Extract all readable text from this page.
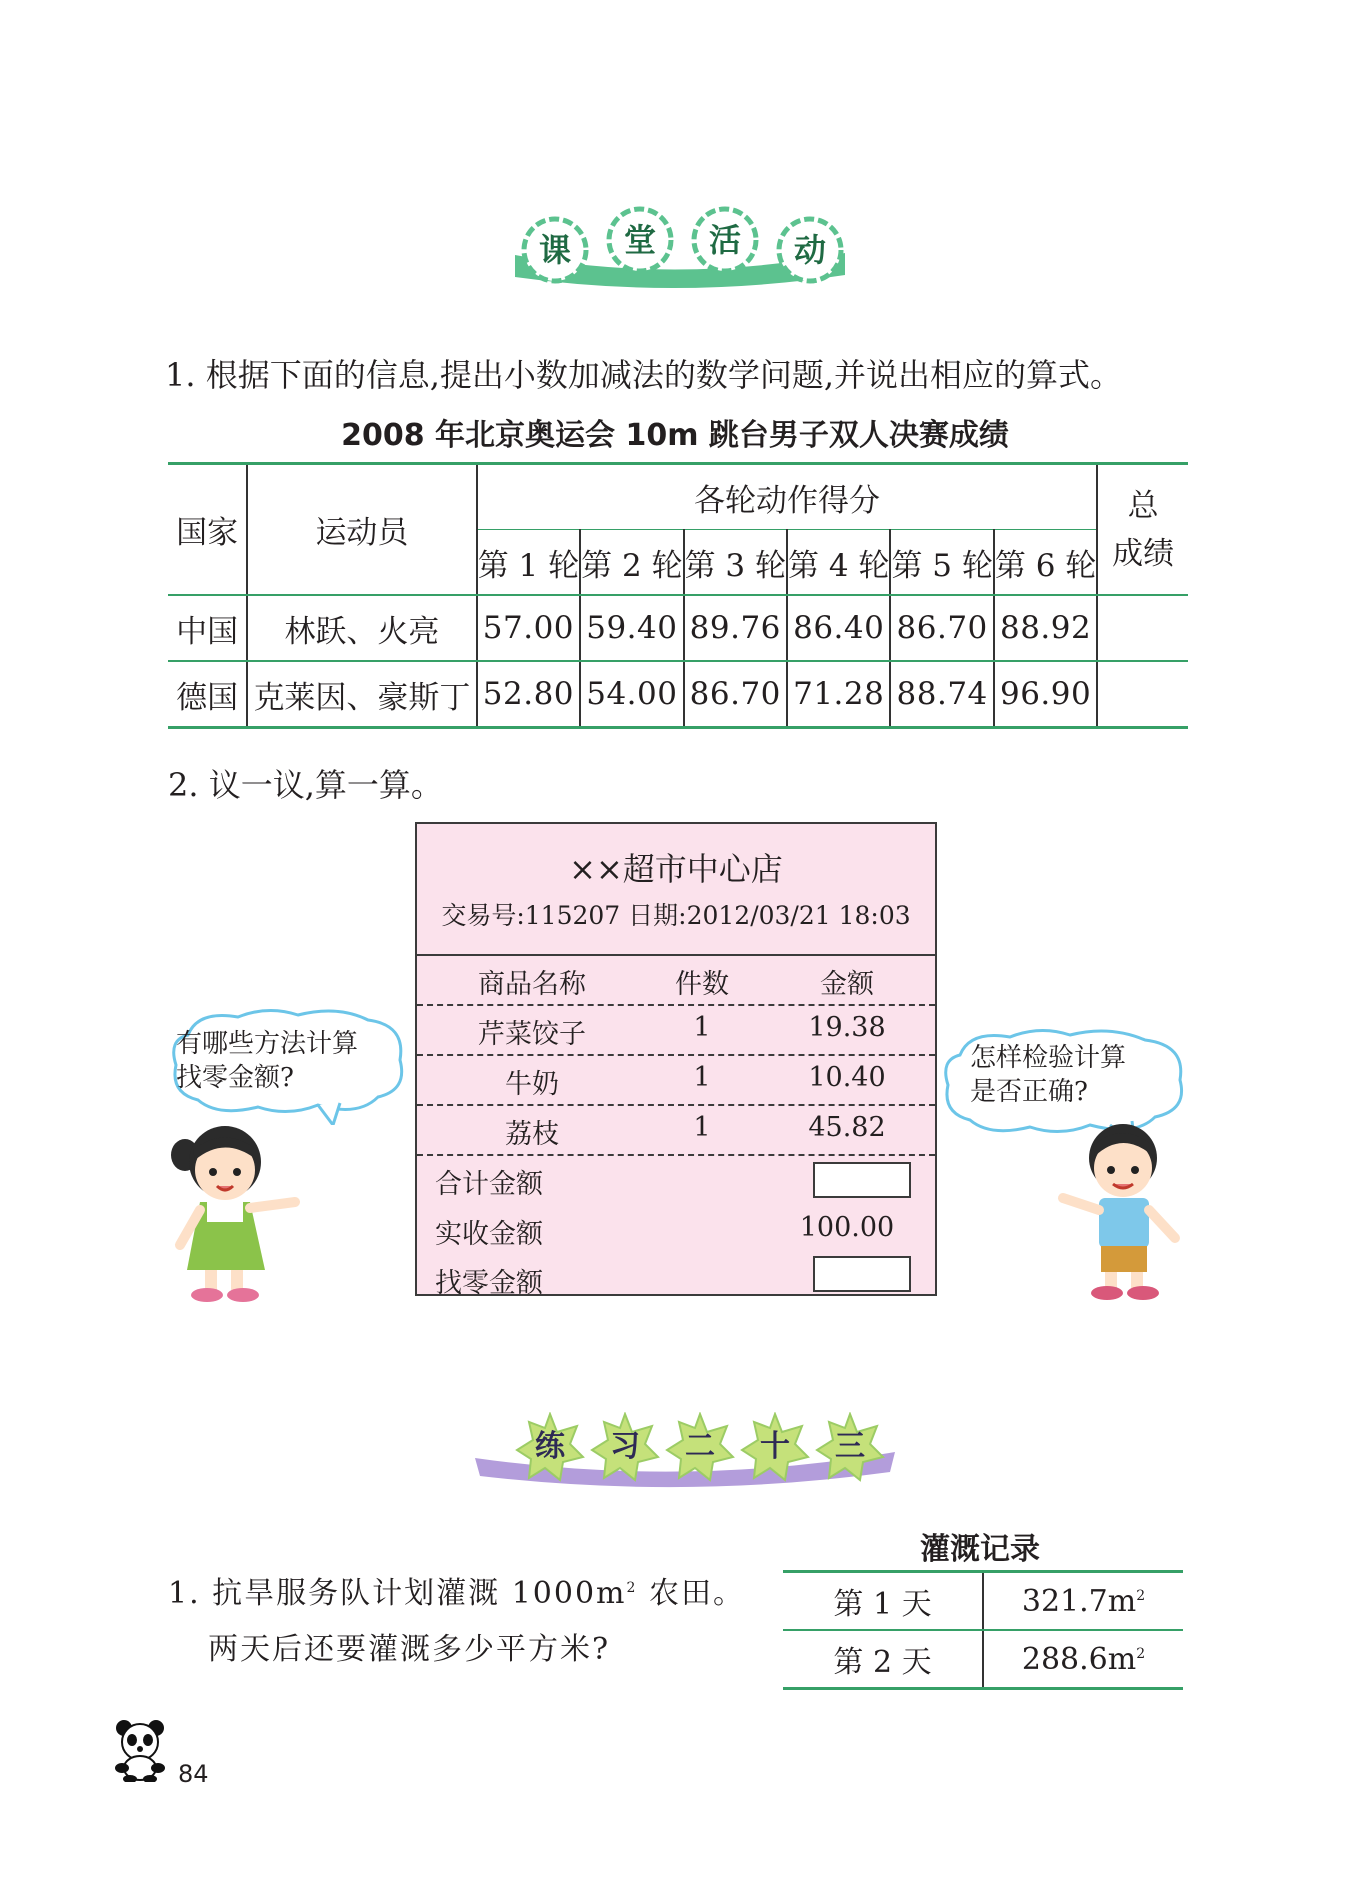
课	堂	活	动
1. 根据下面的信息,提出小数加减法的数学问题,并说出相应的算式。
2008 年北京奥运会 10m 跳台男子双人决赛成绩
国家	运动员	各轮动作得分						总
成绩
		第 1 轮	第 2 轮	第 3 轮	第 4 轮	第 5 轮	第 6 轮	
中国	林跃、火亮	57.00	59.40	89.76	86.40	86.70	88.92	
德国	克莱因、豪斯丁	52.80	54.00	86.70	71.28	88.74	96.90	
2. 议一议,算一算。
××超市中心店
交易号:115207 日期:2012/03/21 18:03
商品名称	件数	金额
芹菜饺子	1	19.38
牛奶	1	10.40
荔枝	1	45.82
合计金额
实收金额	100.00
找零金额
有哪些方法计算
找零金额?
怎样检验计算
是否正确?
练	习	二	十	三
1. 抗旱服务队计划灌溉 $1000m^2$ 农田。
两天后还要灌溉多少平方米?
灌溉记录
第 1 天	$321.7m^2$
第 2 天	$288.6m^2$
84
